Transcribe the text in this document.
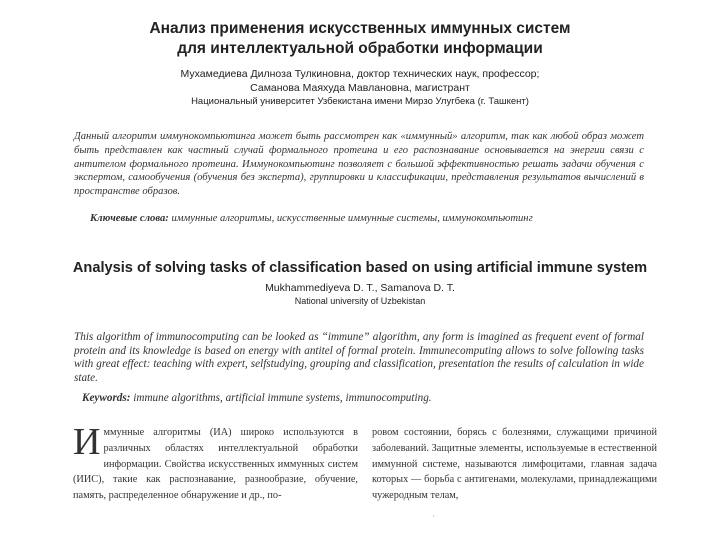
Анализ применения искусственных иммунных систем
для интеллектуальной обработки информации
Мухамедиева Дилноза Тулкиновна, доктор технических наук, профессор;
Саманова Маяхуда Мавлановна, магистрант
Национальный университет Узбекистана имени Мирзо Улугбека (г. Ташкент)
Данный алгоритм иммунокомпьютинга может быть рассмотрен как «иммунный» алгоритм, так как любой образ может быть представлен как частный случай формального протеина и его распознавание основывается на энергии связи с антителом формального протеина. Иммунокомпьютинг позволяет с большой эффективностью решать задачи обучения с экспертом, самообучения (обучения без эксперта), группировки и классификации, представления результатов вычислений в пространстве образов.
Ключевые слова: иммунные алгоритмы, искусственные иммунные системы, иммунокомпьютинг
Analysis of solving tasks of classification based on using artificial immune system
Mukhammediyeva D. T., Samanova D. T.
National university of Uzbekistan
This algorithm of immunocomputing can be looked as “immune” algorithm, any form is imagined as frequent event of formal protein and its knowledge is based on energy with antitel of formal protein. Immunecomputing allows to solve following tasks with great effect: teaching with expert, selfstudying, grouping and classification, presentation the results of calculation in wide state.
Keywords: immune algorithms, artificial immune systems, immunocomputing.
И ммунные алгоритмы (ИА) широко используются в различных областях интеллектуальной обработки информации. Свойства искусственных иммунных систем (ИИС), такие как распознавание, разнообразие, обучение, память, распределенное обнаружение и др., по-

ровом состоянии, борясь с болезнями, служащими причиной заболеваний. Защитные элементы, используемые в естественной иммунной системе, называются лимфоцитами, главная задача которых — борьба с антигенами, молекулами, принадлежащими чужеродным телам,

·
